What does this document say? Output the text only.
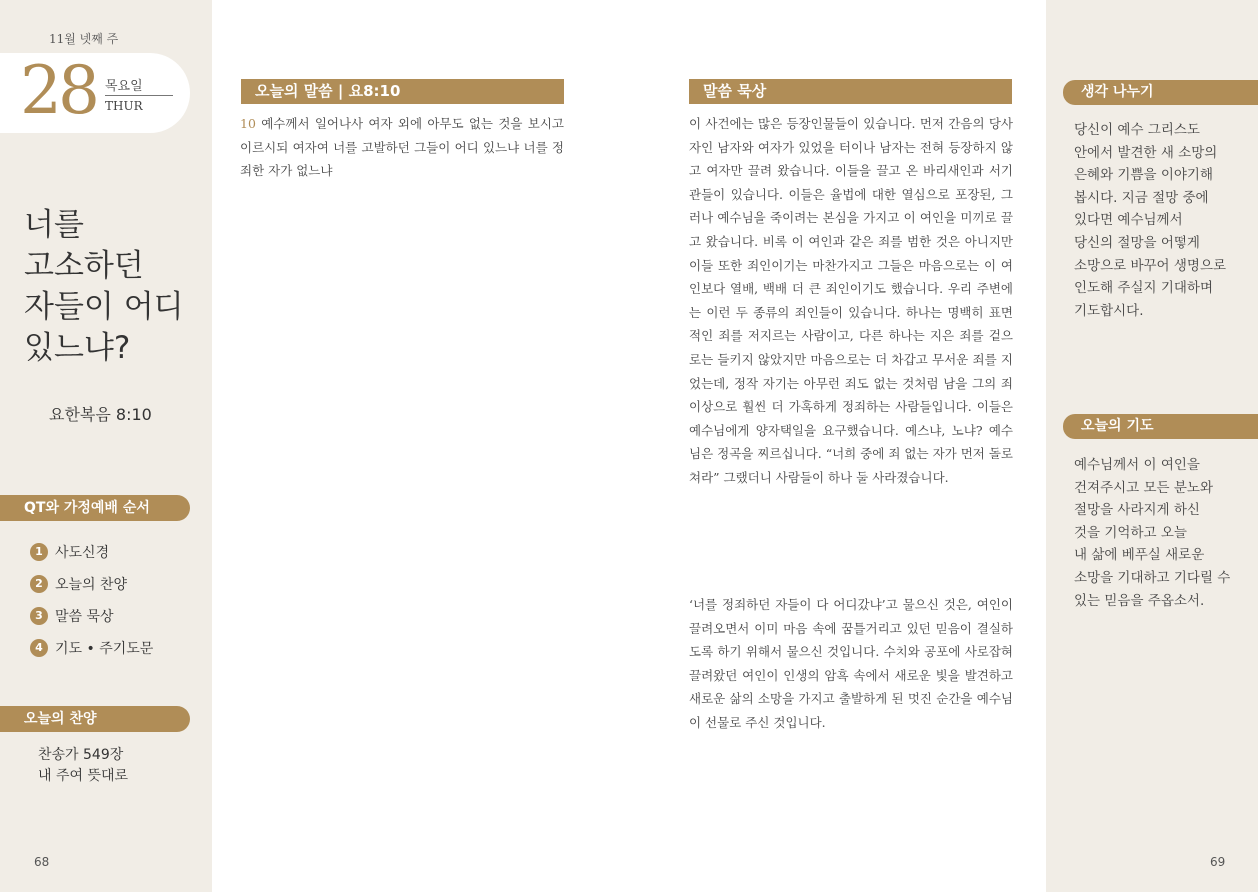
11월 넷째 주
28 목요일
THUR
너를
고소하던
자들이 어디
있느냐?
요한복음 8:10
QT와 가정예배 순서
1 사도신경
2 오늘의 찬양
3 말씀 묵상
4 기도 • 주기도문
오늘의 찬양
찬송가 549장
내 주여 뜻대로
68
오늘의 말씀 | 요8:10

10 예수께서 일어나사 여자 외에 아무도 없는 것을 보시고 이르시되 여자여 너를 고발하던 그들이 어디 있느냐 너를 정죄한 자가 없느냐

말씀 묵상

이 사건에는 많은 등장인물들이 있습니다. 먼저 간음의 당사자인 남자와 여자가 있었을 터이나 남자는 전혀 등장하지 않고 여자만 끌려 왔습니다. 이들을 끌고 온 바리새인과 서기관들이 있습니다. 이들은 율법에 대한 열심으로 포장된, 그러나 예수님을 죽이려는 본심을 가지고 이 여인을 미끼로 끌고 왔습니다. 비록 이 여인과 같은 죄를 범한 것은 아니지만 이들 또한 죄인이기는 마찬가지고 그들은 마음으로는 이 여인보다 열배, 백배 더 큰 죄인이기도 했습니다. 우리 주변에는 이런 두 종류의 죄인들이 있습니다. 하나는 명백히 표면적인 죄를 저지르는 사람이고, 다른 하나는 지은 죄를 겉으로는 들키지 않았지만 마음으로는 더 차갑고 무서운 죄를 지었는데, 정작 자기는 아무런 죄도 없는 것처럼 남을 그의 죄 이상으로 훨씬 더 가혹하게 정죄하는 사람들입니다. 이들은 예수님에게 양자택일을 요구했습니다. 예스냐, 노냐? 예수님은 정곡을 찌르십니다. “너희 중에 죄 없는 자가 먼저 돌로 쳐라” 그랬더니 사람들이 하나 둘 사라졌습니다.

‘너를 정죄하던 자들이 다 어디갔냐’고 물으신 것은, 여인이 끌려오면서 이미 마음 속에 꿈틀거리고 있던 믿음이 결실하도록 하기 위해서 물으신 것입니다. 수치와 공포에 사로잡혀 끌려왔던 여인이 인생의 암흑 속에서 새로운 빛을 발견하고 새로운 삶의 소망을 가지고 출발하게 된 멋진 순간을 예수님이 선물로 주신 것입니다.

69
생각 나누기

당신이 예수 그리스도
안에서 발견한 새 소망의
은혜와 기쁨을 이야기해
봅시다. 지금 절망 중에
있다면 예수님께서
당신의 절망을 어떻게
소망으로 바꾸어 생명으로
인도해 주실지 기대하며
기도합시다.

오늘의 기도

예수님께서 이 여인을
건져주시고 모든 분노와
절망을 사라지게 하신
것을 기억하고 오늘
내 삶에 베푸실 새로운
소망을 기대하고 기다릴 수
있는 믿음을 주옵소서.
